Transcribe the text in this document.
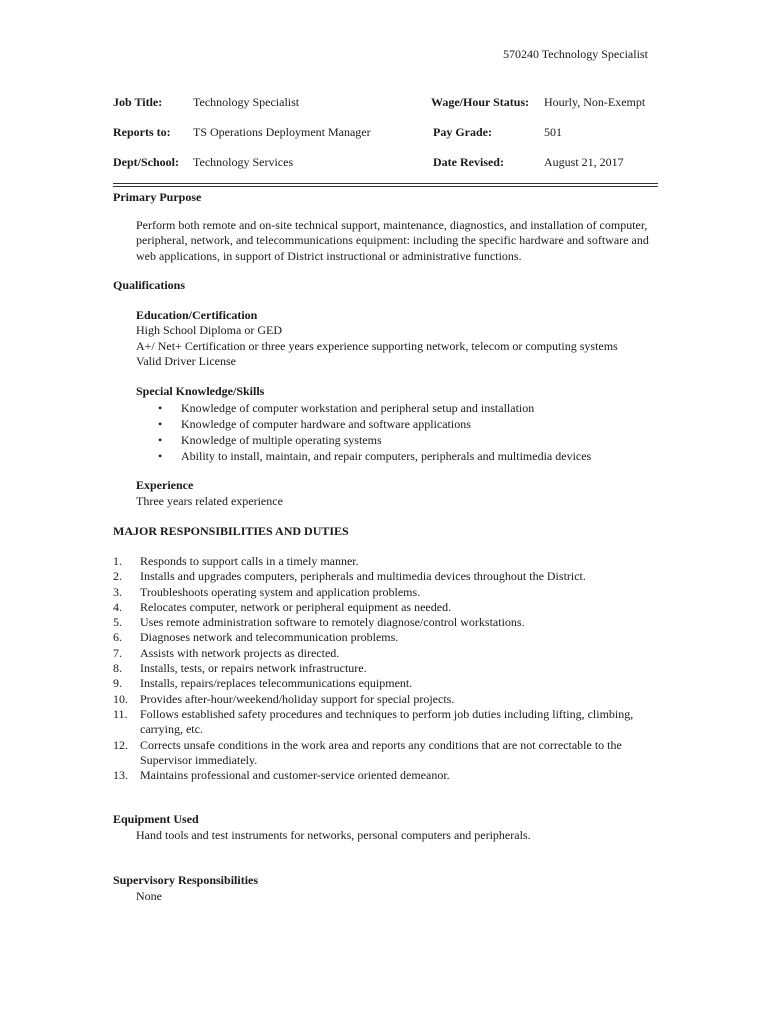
570240 Technology Specialist
Job Title:	Technology Specialist	Wage/Hour Status: Hourly, Non-Exempt
Reports to: TS Operations Deployment Manager	Pay Grade:	501
Dept/School: Technology Services	Date Revised:	August 21, 2017
Primary Purpose
Perform both remote and on-site technical support, maintenance, diagnostics, and installation of computer, peripheral, network, and telecommunications equipment: including the specific hardware and software and web applications, in support of District instructional or administrative functions.
Qualifications
Education/Certification
High School Diploma or GED
A+/ Net+ Certification or three years experience supporting network, telecom or computing systems
Valid Driver License
Special Knowledge/Skills
• Knowledge of computer workstation and peripheral setup and installation
• Knowledge of computer hardware and software applications
• Knowledge of multiple operating systems
• Ability to install, maintain, and repair computers, peripherals and multimedia devices
Experience
Three years related experience
MAJOR RESPONSIBILITIES AND DUTIES
1.	Responds to support calls in a timely manner.
2.	Installs and upgrades computers, peripherals and multimedia devices throughout the District.
3.	Troubleshoots operating system and application problems.
4.	Relocates computer, network or peripheral equipment as needed.
5.	Uses remote administration software to remotely diagnose/control workstations.
6.	Diagnoses network and telecommunication problems.
7.	Assists with network projects as directed.
8.	Installs, tests, or repairs network infrastructure.
9.	Installs, repairs/replaces telecommunications equipment.
10.	Provides after-hour/weekend/holiday support for special projects.
11.	Follows established safety procedures and techniques to perform job duties including lifting, climbing, carrying, etc.
12.	Corrects unsafe conditions in the work area and reports any conditions that are not correctable to the Supervisor immediately.
13.	Maintains professional and customer-service oriented demeanor.
Equipment Used
Hand tools and test instruments for networks, personal computers and peripherals.
Supervisory Responsibilities
None
